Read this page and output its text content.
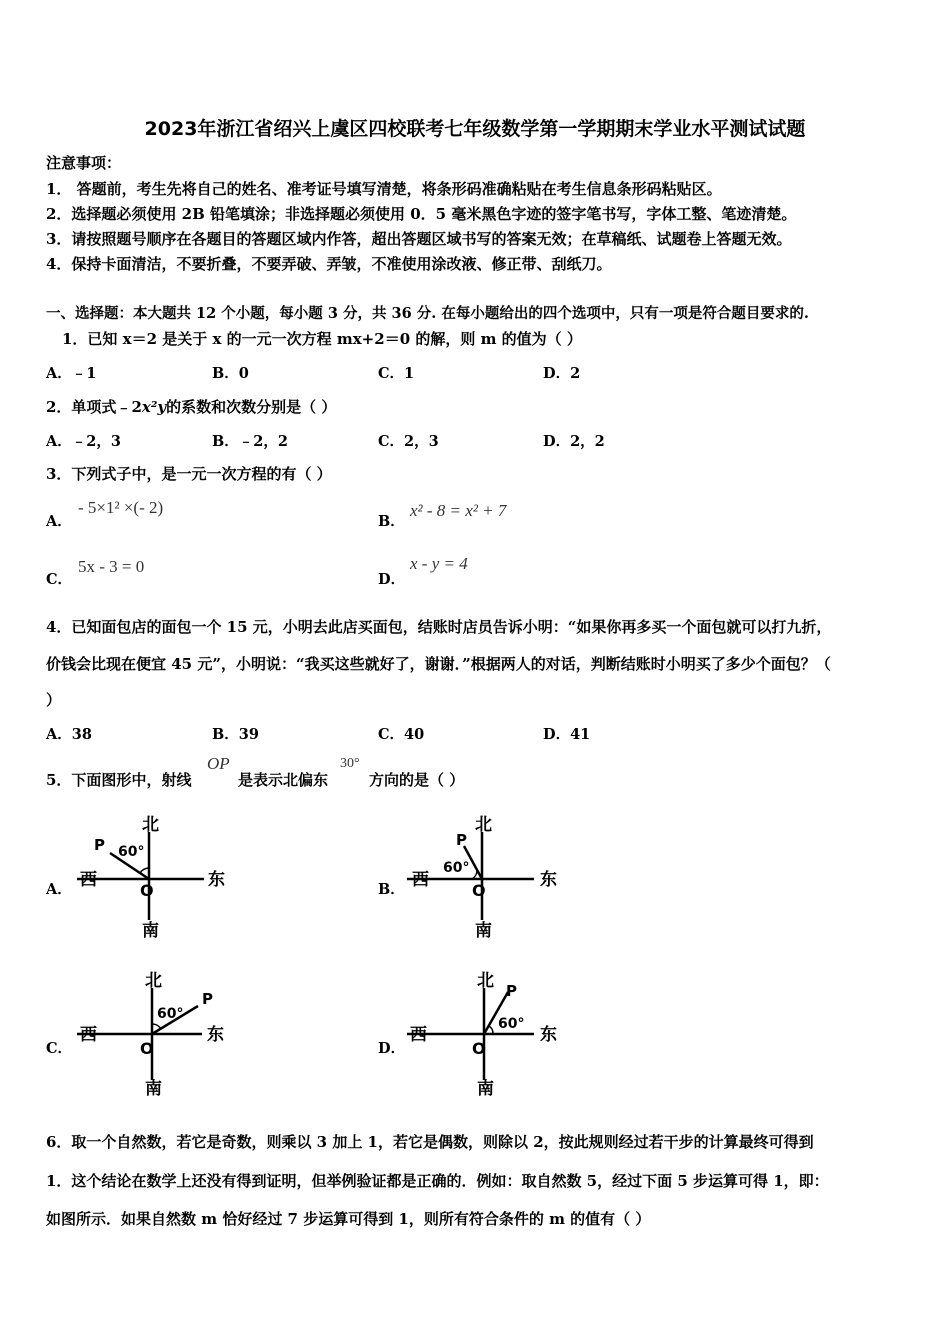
2023年浙江省绍兴上虞区四校联考七年级数学第一学期期末学业水平测试试题
注意事项：
1． 答题前，考生先将自己的姓名、准考证号填写清楚，将条形码准确粘贴在考生信息条形码粘贴区。
2．选择题必须使用 2B 铅笔填涂；非选择题必须使用 0．5 毫米黑色字迹的签字笔书写，字体工整、笔迹清楚。
3．请按照题号顺序在各题目的答题区域内作答，超出答题区域书写的答案无效；在草稿纸、试题卷上答题无效。
4．保持卡面清洁，不要折叠，不要弄破、弄皱，不准使用涂改液、修正带、刮纸刀。
一、选择题：本大题共 12 个小题，每小题 3 分，共 36 分. 在每小题给出的四个选项中，只有一项是符合题目要求的.
1．已知 x＝2 是关于 x 的一元一次方程 mx+2＝0 的解，则 m 的值为（ ）
A．﹣1	B．0	C．1	D．2
2．单项式﹣2x²y的系数和次数分别是（ ）
A．﹣2，3	B．﹣2，2	C．2，3	D．2，2
3．下列式子中，是一元一次方程的有（ ）
A．
- 5×1² ×(- 2)
B．
x² - 8 = x² + 7
C．
5x - 3 = 0
D．
x - y = 4
4．已知面包店的面包一个 15 元，小明去此店买面包，结账时店员告诉小明：“如果你再多买一个面包就可以打九折，
价钱会比现在便宜 45 元”，小明说：“我买这些就好了，谢谢．”根据两人的对话，判断结账时小明买了多少个面包？（
）
A．38	B．39	C．40	D．41
5．下面图形中，射线
OP
是表示北偏东
30°
方向的是（ ）
A．	B．
C．	D．
北
南
东
西
O
P 60°
北
南
东
西
O
P
60°
北
南
东
西
O
P
60°
北
南
东
西
O
P
60°
6．取一个自然数，若它是奇数，则乘以 3 加上 1，若它是偶数，则除以 2，按此规则经过若干步的计算最终可得到
1．这个结论在数学上还没有得到证明，但举例验证都是正确的．例如：取自然数 5，经过下面 5 步运算可得 1，即：
如图所示．如果自然数 m 恰好经过 7 步运算可得到 1，则所有符合条件的 m 的值有（ ）
